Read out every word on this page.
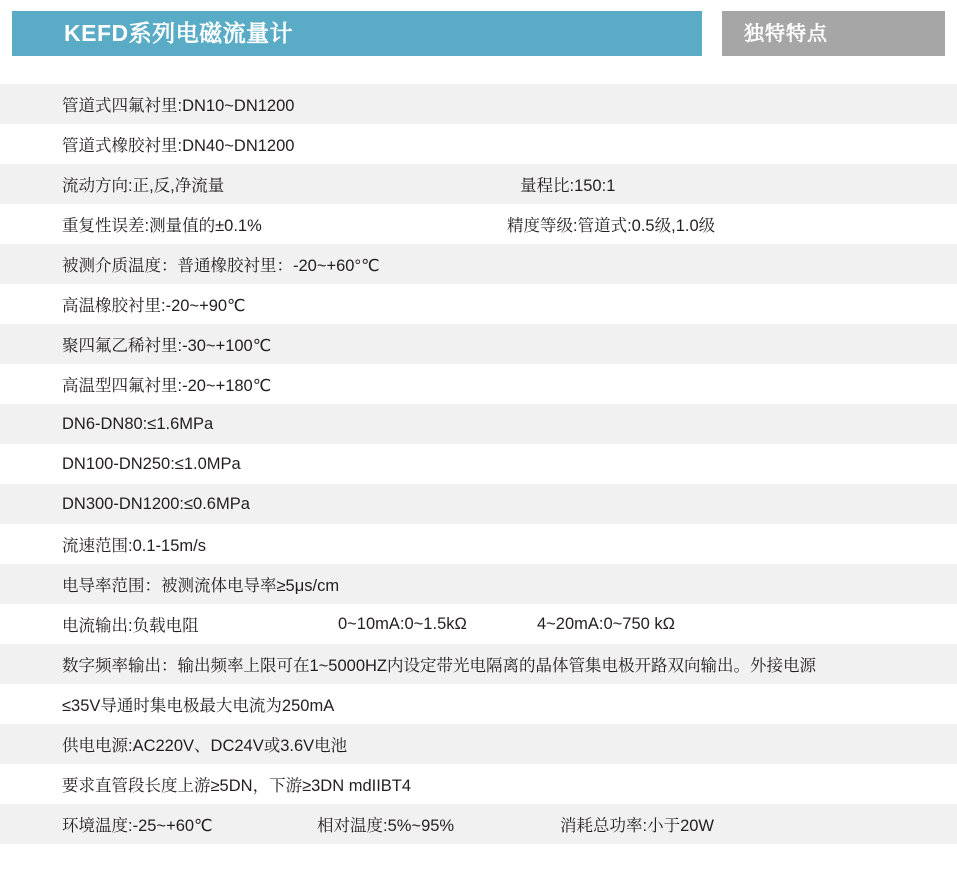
KEFD系列电磁流量计	独特特点
管道式四氟衬里:DN10~DN1200
管道式橡胶衬里:DN40~DN1200
流动方向:正,反,净流量	量程比:150:1
重复性误差:测量值的±0.1%	精度等级:管道式:0.5级,1.0级
被测介质温度：普通橡胶衬里：-20~+60°℃
高温橡胶衬里:-20~+90℃
聚四氟乙稀衬里:-30~+100℃
高温型四氟衬里:-20~+180℃
DN6-DN80:≤1.6MPa
DN100-DN250:≤1.0MPa
DN300-DN1200:≤0.6MPa
流速范围:0.1-15m/s
电导率范围：被测流体电导率≥5μs/cm
电流输出:负载电阻	0~10mA:0~1.5kΩ	4~20mA:0~750 kΩ
数字频率输出：输出频率上限可在1~5000HZ内设定带光电隔离的晶体管集电极开路双向输出。外接电源
≤35V导通时集电极最大电流为250mA
供电电源:AC220V、DC24V或3.6V电池
要求直管段长度上游≥5DN，下游≥3DN mdIIBT4
环境温度:-25~+60℃	相对温度:5%~95%	消耗总功率:小于20W
